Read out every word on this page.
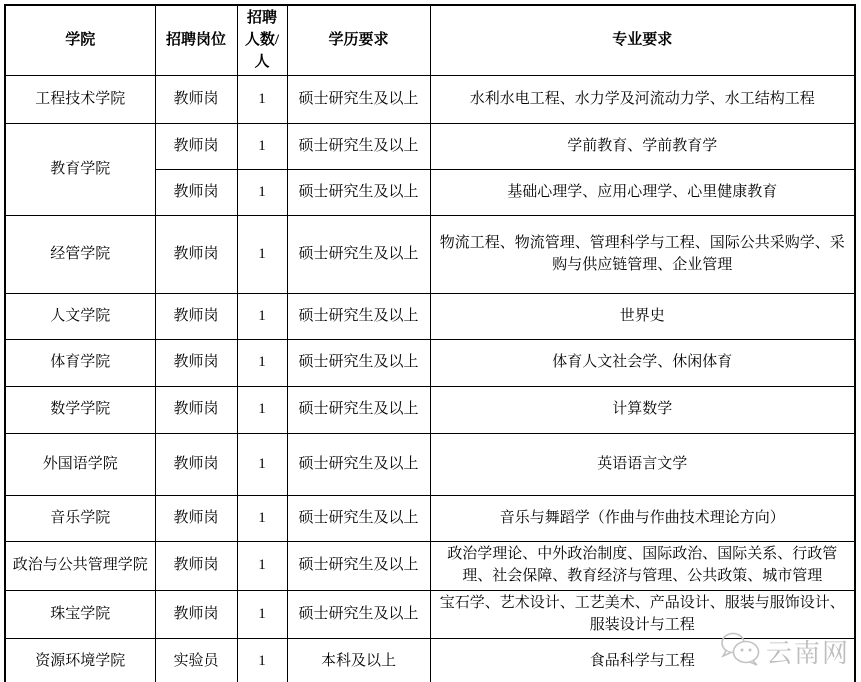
学院	招聘岗位	招聘人数/人	学历要求	专业要求
工程技术学院	教师岗	1	硕士研究生及以上	水利水电工程、水力学及河流动力学、水工结构工程
教育学院	教师岗	1	硕士研究生及以上	学前教育、学前教育学
	教师岗	1	硕士研究生及以上	基础心理学、应用心理学、心里健康教育
经管学院	教师岗	1	硕士研究生及以上	物流工程、物流管理、管理科学与工程、国际公共采购学、采购与供应链管理、企业管理
人文学院	教师岗	1	硕士研究生及以上	世界史
体育学院	教师岗	1	硕士研究生及以上	体育人文社会学、休闲体育
数学学院	教师岗	1	硕士研究生及以上	计算数学
外国语学院	教师岗	1	硕士研究生及以上	英语语言文学
音乐学院	教师岗	1	硕士研究生及以上	音乐与舞蹈学（作曲与作曲技术理论方向）
政治与公共管理学院	教师岗	1	硕士研究生及以上	政治学理论、中外政治制度、国际政治、国际关系、行政管理、社会保障、教育经济与管理、公共政策、城市管理
珠宝学院	教师岗	1	硕士研究生及以上	宝石学、艺术设计、工艺美术、产品设计、服装与服饰设计、服装设计与工程
资源环境学院	实验员	1	本科及以上	食品科学与工程	云南网
